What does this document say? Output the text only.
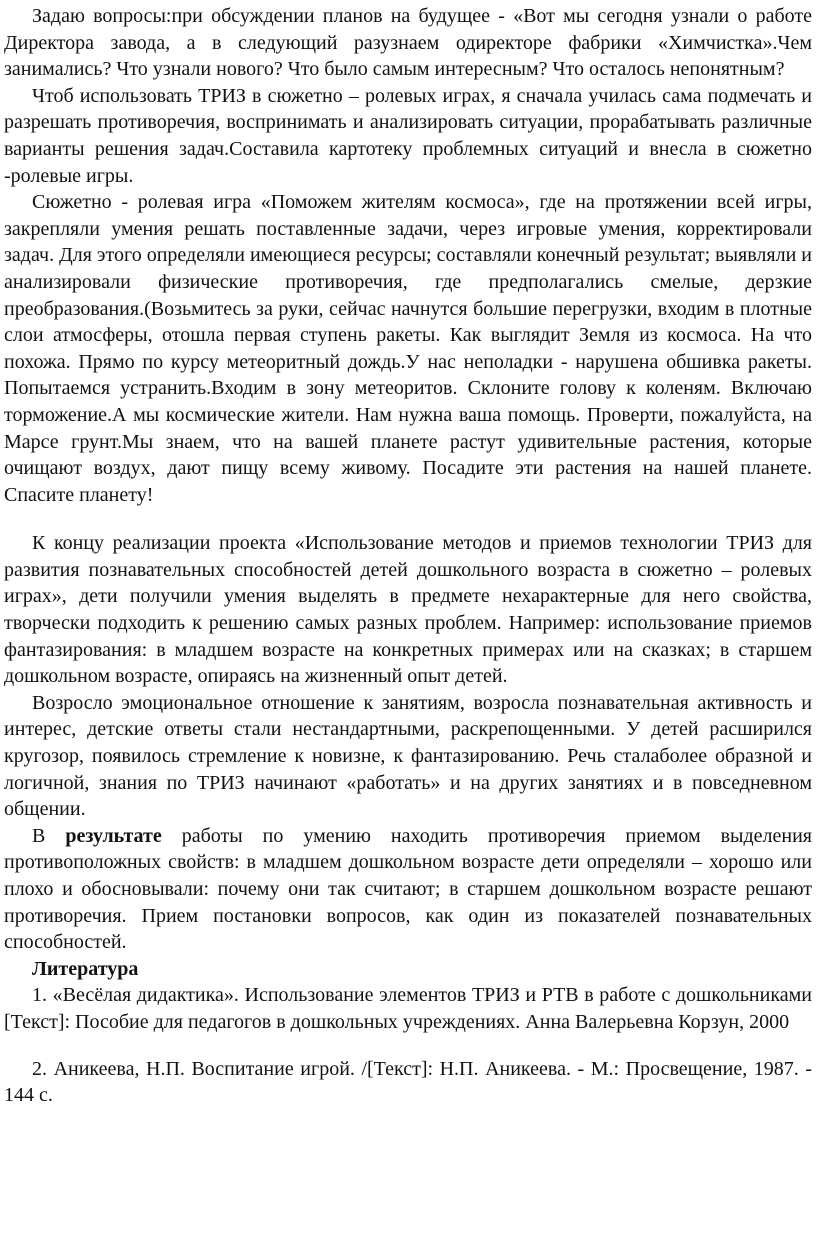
Задаю вопросы:при обсуждении планов на будущее - «Вот мы сегодня узнали о работе Директора завода, а в следующий разузнаем одиректоре фабрики «Химчистка».Чем занимались? Что узнали нового? Что было самым интересным? Что осталось непонятным?

Чтоб использовать ТРИЗ в сюжетно – ролевых играх, я сначала училась сама подмечать и разрешать противоречия, воспринимать и анализировать ситуации, прорабатывать различные варианты решения задач.Составила картотеку проблемных ситуаций и внесла в сюжетно -ролевые игры.

Сюжетно - ролевая игра «Поможем жителям космоса», где на протяжении всей игры, закрепляли умения решать поставленные задачи, через игровые умения, корректировали задач. Для этого определяли имеющиеся ресурсы; составляли конечный результат; выявляли и анализировали физические противоречия, где предполагались смелые, дерзкие преобразования.(Возьмитесь за руки, сейчас начнутся большие перегрузки, входим в плотные слои атмосферы, отошла первая ступень ракеты. Как выглядит Земля из космоса. На что похожа. Прямо по курсу метеоритный дождь.У нас неполадки - нарушена обшивка ракеты. Попытаемся устранить.Входим в зону метеоритов. Склоните голову к коленям. Включаю торможение.А мы космические жители. Нам нужна ваша помощь. Проверти, пожалуйста, на Марсе грунт.Мы знаем, что на вашей планете растут удивительные растения, которые очищают воздух, дают пищу всему живому. Посадите эти растения на нашей планете. Спасите планету!

К концу реализации проекта «Использование методов и приемов технологии ТРИЗ для развития познавательных способностей детей дошкольного возраста в сюжетно – ролевых играх», дети получили умения выделять в предмете нехарактерные для него свойства, творчески подходить к решению самых разных проблем. Например: использование приемов фантазирования: в младшем возрасте на конкретных примерах или на сказках; в старшем дошкольном возрасте, опираясь на жизненный опыт детей.

Возросло эмоциональное отношение к занятиям, возросла познавательная активность и интерес, детские ответы стали нестандартными, раскрепощенными. У детей расширился кругозор, появилось стремление к новизне, к фантазированию. Речь сталаболее образной и логичной, знания по ТРИЗ начинают «работать» и на других занятиях и в повседневном общении.

В результате работы по умению находить противоречия приемом выделения противоположных свойств: в младшем дошкольном возрасте дети определяли – хорошо или плохо и обосновывали: почему они так считают; в старшем дошкольном возрасте решают противоречия. Прием постановки вопросов, как один из показателей познавательных способностей.

Литература

1. «Весёлая дидактика». Использование элементов ТРИЗ и РТВ в работе с дошкольниками [Текст]: Пособие для педагогов в дошкольных учреждениях. Анна Валерьевна Корзун, 2000

2. Аникеева, Н.П. Воспитание игрой. /[Текст]: Н.П. Аникеева. - М.: Просвещение, 1987. - 144 с.
